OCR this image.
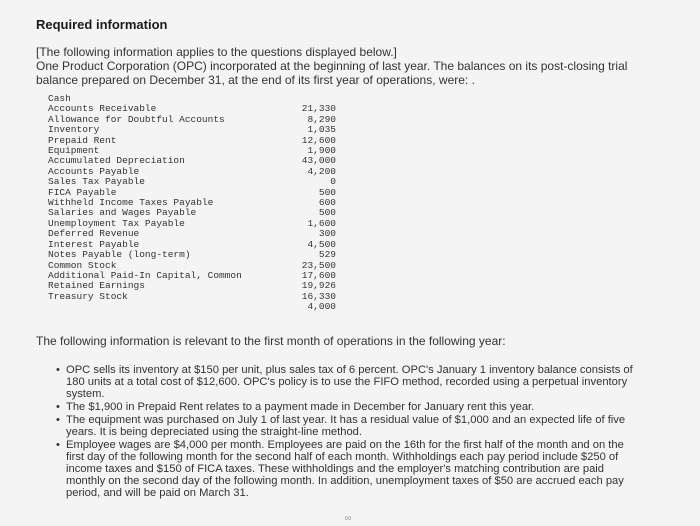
Required information

[The following information applies to the questions displayed below.]

One Product Corporation (OPC) incorporated at the beginning of last year. The balances on its post-closing trial balance prepared on December 31, at the end of its first year of operations, were: .

Cash
Accounts Receivable	21,330
Allowance for Doubtful Accounts	8,290
Inventory	1,035
Prepaid Rent	12,600
Equipment	1,900
Accumulated Depreciation	43,000
Accounts Payable	4,200
Sales Tax Payable	0
FICA Payable	500
Withheld Income Taxes Payable	600
Salaries and Wages Payable	500
Unemployment Tax Payable	1,600
Deferred Revenue	300
Interest Payable	4,500
Notes Payable (long-term)	529
Common Stock	23,500
Additional Paid-In Capital, Common	17,600
Retained Earnings	19,926
Treasury Stock	16,330
4,000
The following information is relevant to the first month of operations in the following year:
• OPC sells its inventory at $150 per unit, plus sales tax of 6 percent. OPC's January 1 inventory balance consists of 180 units at a total cost of $12,600. OPC's policy is to use the FIFO method, recorded using a perpetual inventory system.
• The $1,900 in Prepaid Rent relates to a payment made in December for January rent this year.
• The equipment was purchased on July 1 of last year. It has a residual value of $1,000 and an expected life of five years. It is being depreciated using the straight-line method.
• Employee wages are $4,000 per month. Employees are paid on the 16th for the first half of the month and on the first day of the following month for the second half of each month. Withholdings each pay period include $250 of income taxes and $150 of FICA taxes. These withholdings and the employer's matching contribution are paid monthly on the second day of the following month. In addition, unemployment taxes of $50 are accrued each pay period, and will be paid on March 31.
∞
